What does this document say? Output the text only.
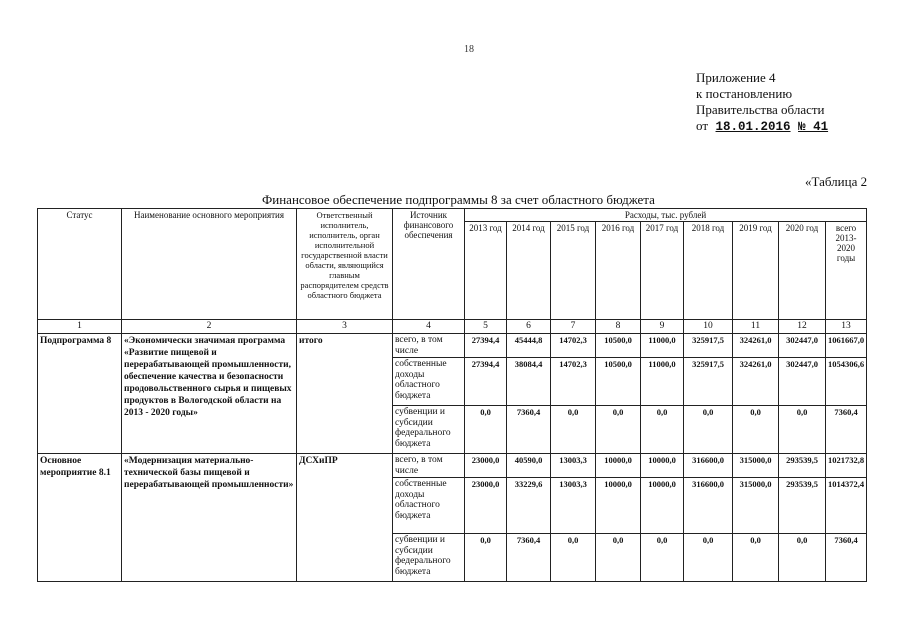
18
Приложение 4
к постановлению
Правительства области
от 18.01.2016 № 41
«Таблица 2
Финансовое обеспечение подпрограммы 8 за счет областного бюджета
Статус	Наименование основного мероприятия	Ответственный исполнитель, исполнитель, орган исполнительной государственной власти области, являющийся главным распорядителем средств областного бюджета	Источник финансового обеспечения	Расходы, тыс. рублей								
				2013 год	2014 год	2015 год	2016 год	2017 год	2018 год	2019 год	2020 год	всего 2013-2020 годы
1	2	3	4	5	6	7	8	9	10	11	12	13
Подпрограмма 8	«Экономически значимая программа «Развитие пищевой и перерабатывающей промышленности, обеспечение качества и безопасности продовольственного сырья и пищевых продуктов в Вологодской области на 2013 - 2020 годы»	итого	всего, в том числе	27394,4	45444,8	14702,3	10500,0	11000,0	325917,5	324261,0	302447,0	1061667,0
			собственные доходы областного бюджета	27394,4	38084,4	14702,3	10500,0	11000,0	325917,5	324261,0	302447,0	1054306,6
			субвенции и субсидии федерального бюджета	0,0	7360,4	0,0	0,0	0,0	0,0	0,0	0,0	7360,4
Основное мероприятие 8.1	«Модернизация материально-технической базы пищевой и перерабатывающей промышленности»	ДСХиПР	всего, в том числе	23000,0	40590,0	13003,3	10000,0	10000,0	316600,0	315000,0	293539,5	1021732,8
			собственные доходы областного бюджета	23000,0	33229,6	13003,3	10000,0	10000,0	316600,0	315000,0	293539,5	1014372,4
			субвенции и субсидии федерального бюджета	0,0	7360,4	0,0	0,0	0,0	0,0	0,0	0,0	7360,4
